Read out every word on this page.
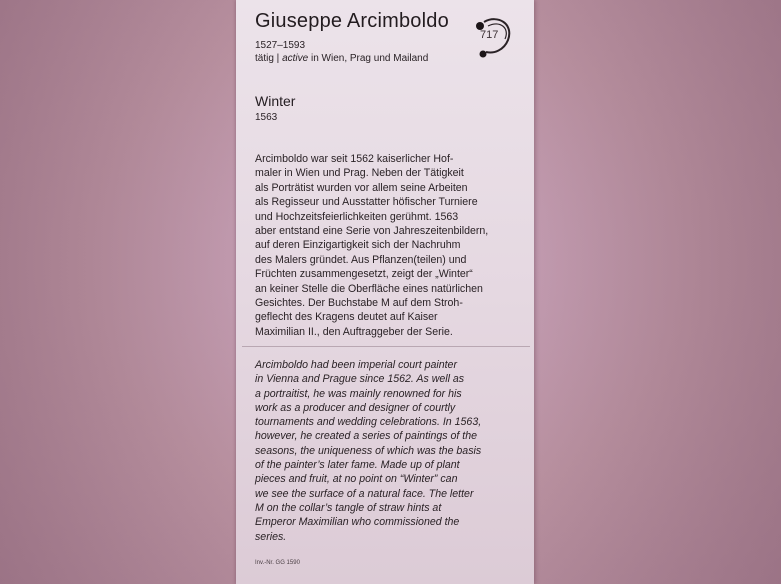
Giuseppe Arcimboldo
1527–1593
tätig | active in Wien, Prag und Mailand
717
Winter
1563
Arcimboldo war seit 1562 kaiserlicher Hof-
maler in Wien und Prag. Neben der Tätigkeit
als Porträtist wurden vor allem seine Arbeiten
als Regisseur und Ausstatter höfischer Turniere
und Hochzeitsfeierlichkeiten gerühmt. 1563
aber entstand eine Serie von Jahreszeitenbildern,
auf deren Einzigartigkeit sich der Nachruhm
des Malers gründet. Aus Pflanzen(teilen) und
Früchten zusammengesetzt, zeigt der „Winter“
an keiner Stelle die Oberfläche eines natürlichen
Gesichtes. Der Buchstabe M auf dem Stroh-
geflecht des Kragens deutet auf Kaiser
Maximilian II., den Auftraggeber der Serie.
Arcimboldo had been imperial court painter
in Vienna and Prague since 1562. As well as
a portraitist, he was mainly renowned for his
work as a producer and designer of courtly
tournaments and wedding celebrations. In 1563,
however, he created a series of paintings of the
seasons, the uniqueness of which was the basis
of the painter’s later fame. Made up of plant
pieces and fruit, at no point on “Winter” can
we see the surface of a natural face. The letter
M on the collar’s tangle of straw hints at
Emperor Maximilian who commissioned the
series.
Inv.-Nr. GG 1590
